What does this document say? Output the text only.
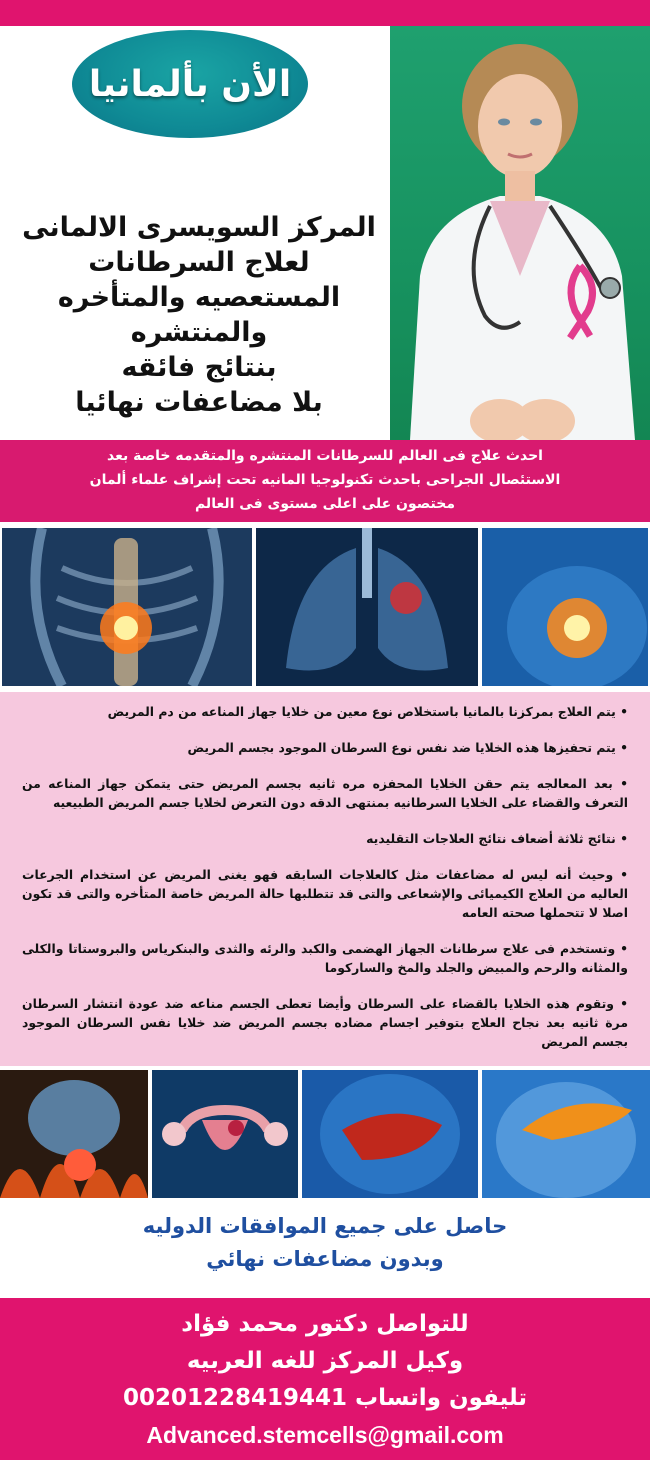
الأن بألمانيا
المركز السويسرى الالمانى
لعلاج السرطانات
المستعصيه والمتأخره
والمنتشره
بنتائج فائقه
بلا مضاعفات نهائيا
احدث علاج فى العالم للسرطانات المنتشره والمتقدمه خاصة بعد
الاستئصال الجراحى باحدث تكنولوجيا المانيه تحت إشراف علماء ألمان
مختصون على اعلى مستوى فى العالم

• يتم العلاج بمركزنا بالمانيا باستخلاص نوع معين من خلايا جهاز المناعه من دم المريض

• يتم تحفيزها هذه الخلايا ضد نفس نوع السرطان الموجود بجسم المريض

• بعد المعالجه يتم حقن الخلايا المحفزه مره ثانيه بجسم المريض حتى يتمكن جهاز المناعه من التعرف والقضاء على الخلايا السرطانيه بمنتهى الدقه دون التعرض لخلايا جسم المريض الطبيعيه

• نتائج ثلاثة أضعاف نتائج العلاجات التقليديه

• وحيث أنه ليس له مضاعفات مثل كالعلاجات السابقه فهو يغنى المريض عن استخدام الجرعات العاليه من العلاج الكيميائى والإشعاعى والتى قد تتطلبها حالة المريض خاصة المتأخره والتى قد تكون اصلا لا تتحملها صحته العامه

• وتستخدم فى علاج سرطانات الجهاز الهضمى والكبد والرئه والثدى والبنكرياس والبروستاتا والكلى والمثانه والرحم والمبيض والجلد والمخ والساركوما

• وتقوم هذه الخلايا بالقضاء على السرطان وأيضا تعطى الجسم مناعه ضد عودة انتشار السرطان مرة ثانيه بعد نجاح العلاج بتوفير اجسام مضاده بجسم المريض ضد خلايا نفس السرطان الموجود بجسم المريض

حاصل على جميع الموافقات الدوليه
وبدون مضاعفات نهائي
للتواصل دكتور محمد فؤاد
وكيل المركز للغه العربيه
تليفون واتساب 00201228419441
Advanced.stemcells@gmail.com
